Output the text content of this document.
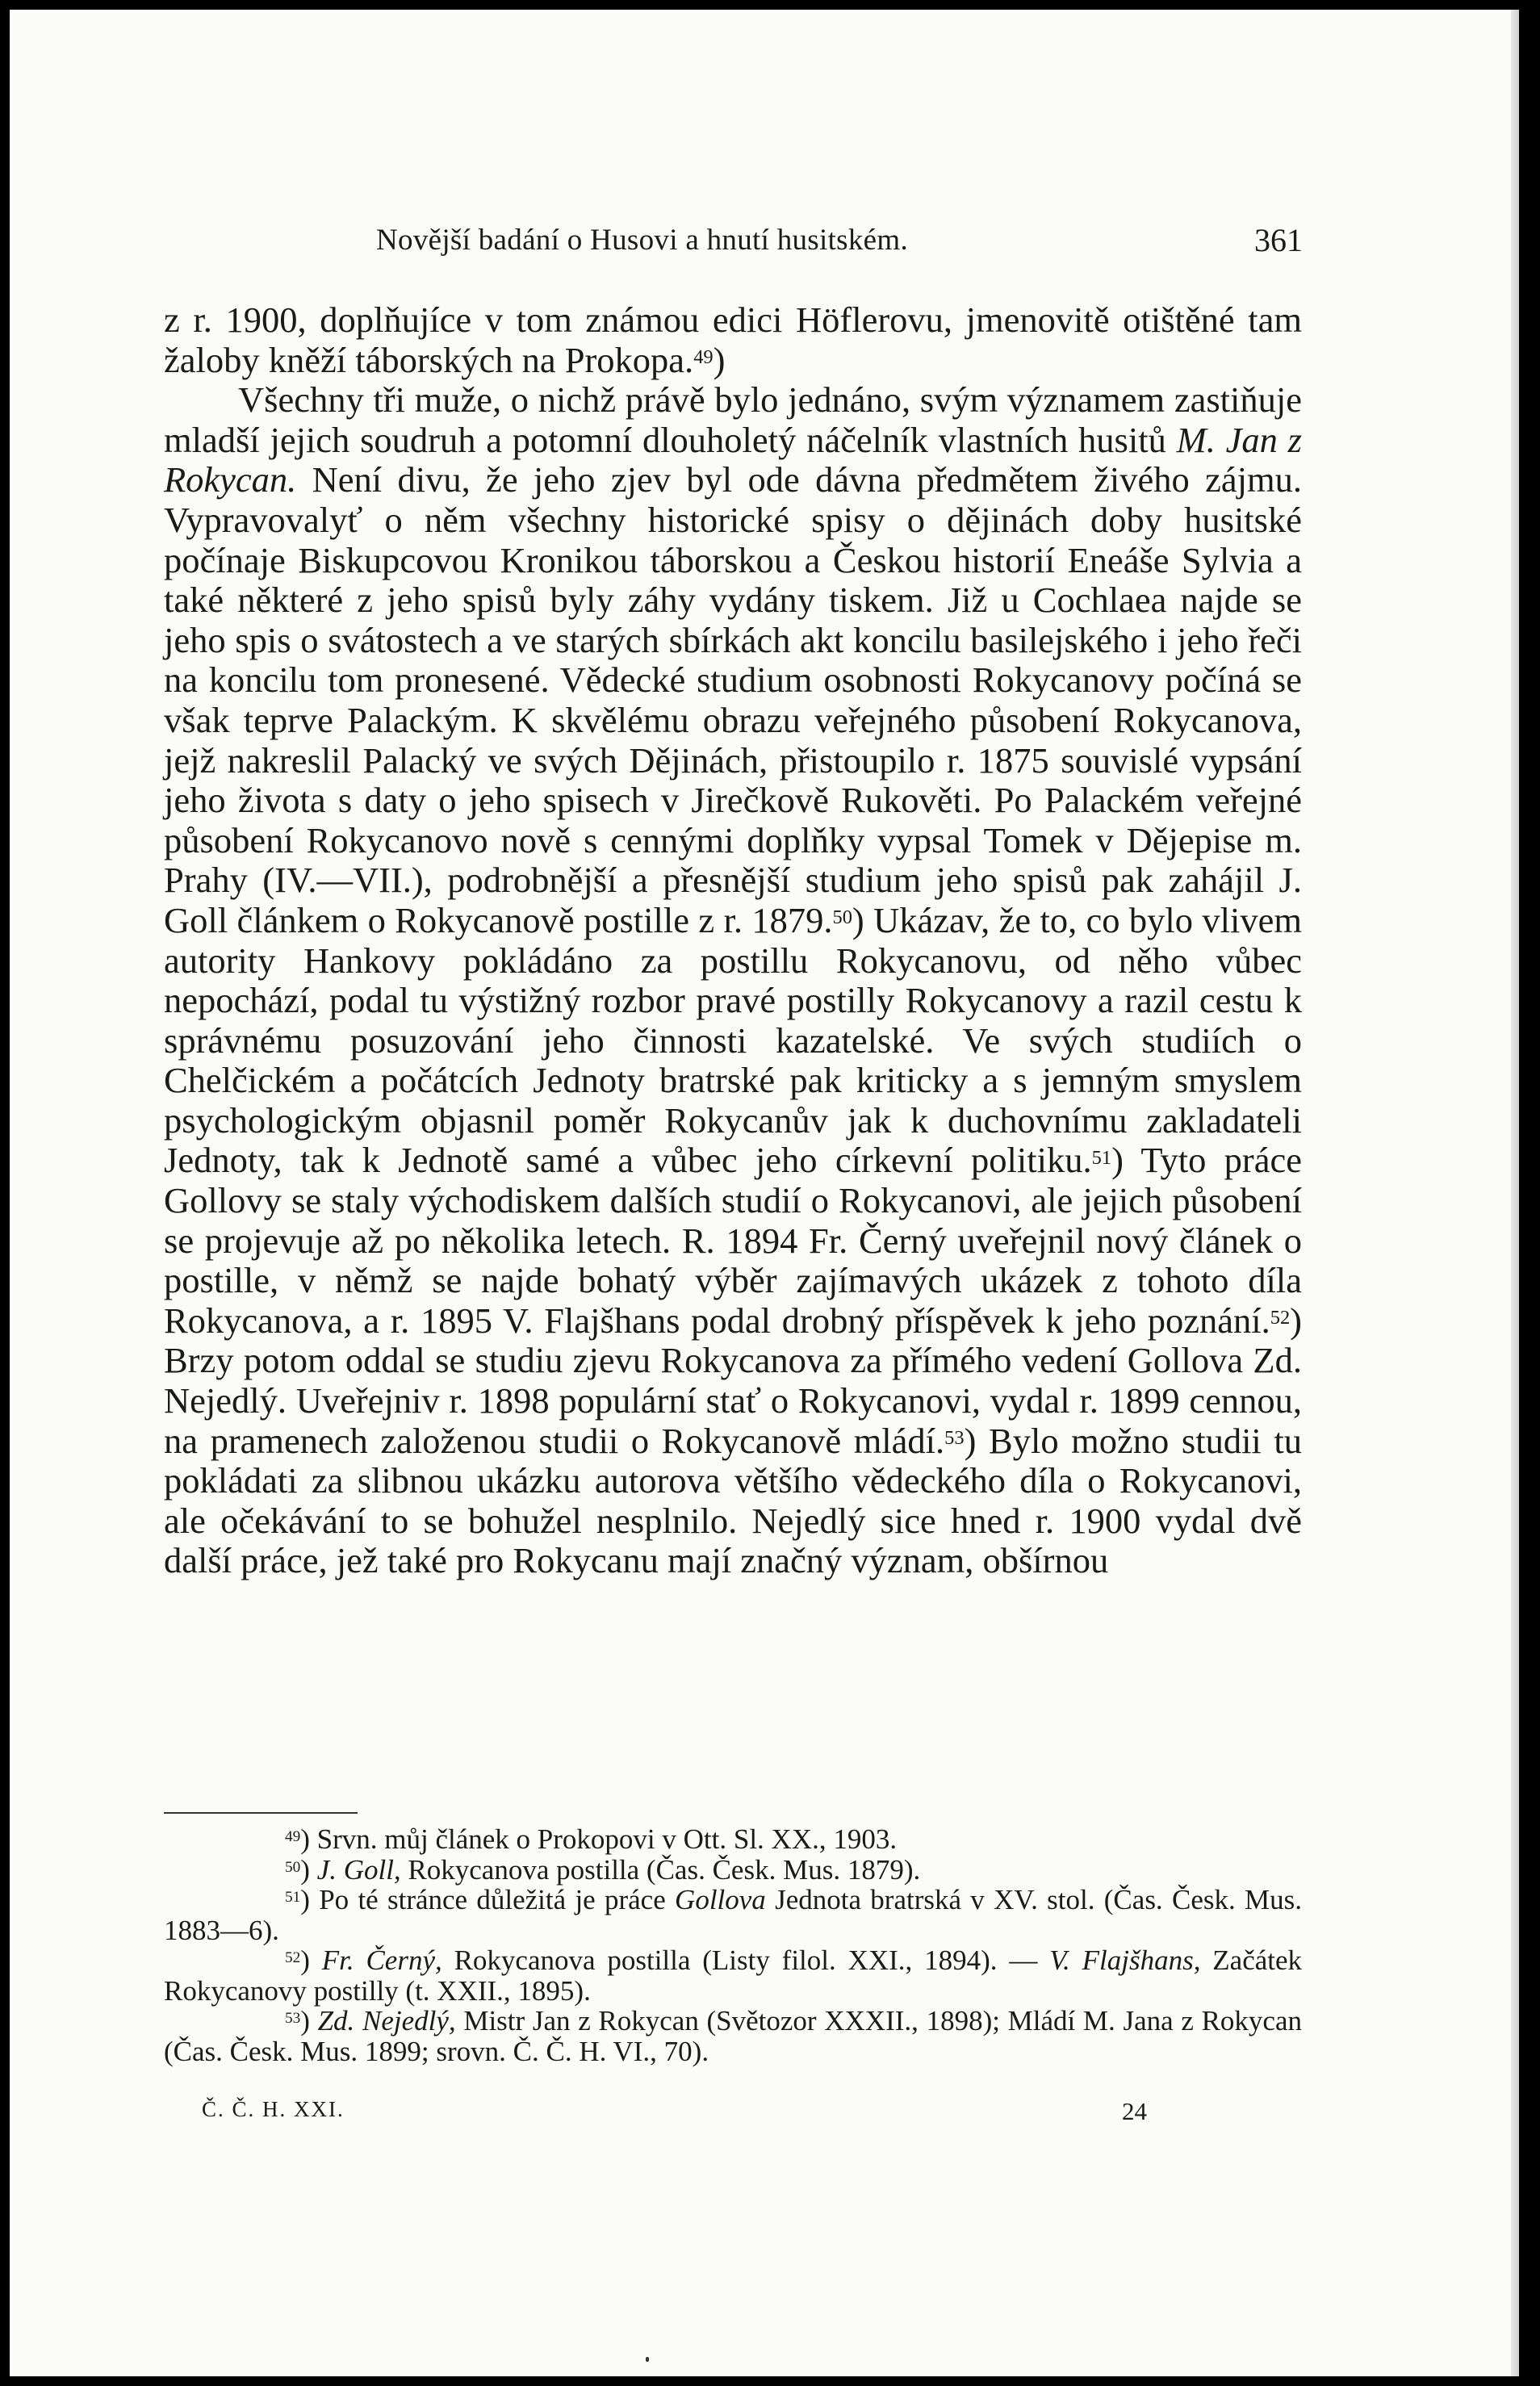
Novější badání o Husovi a hnutí husitském.	361

z r. 1900, doplňujíce v tom známou edici Höflerovu, jmenovitě otištěné tam žaloby kněží táborských na Prokopa.$^{49}$)

Všechny tři muže, o nichž právě bylo jednáno, svým významem zastiňuje mladší jejich soudruh a potomní dlouholetý náčelník vlastních husitů M. Jan z Rokycan. Není divu, že jeho zjev byl ode dávna předmětem živého zájmu. Vypravovalyť o něm všechny historické spisy o dějinách doby husitské počínaje Biskupcovou Kronikou táborskou a Českou historií Eneáše Sylvia a také některé z jeho spisů byly záhy vydány tiskem. Již u Cochlaea najde se jeho spis o svátostech a ve starých sbírkách akt koncilu basilejského i jeho řeči na koncilu tom pronesené. Vědecké studium osobnosti Rokycanovy počíná se však teprve Palackým. K skvělému obrazu veřejného působení Rokycanova, jejž nakreslil Palacký ve svých Dějinách, přistoupilo r. 1875 souvislé vypsání jeho života s daty o jeho spisech v Jirečkově Rukověti. Po Palackém veřejné působení Rokycanovo nově s cennými doplňky vypsal Tomek v Dějepise m. Prahy (IV.—VII.), podrobnější a přesnější studium jeho spisů pak zahájil J. Goll článkem o Rokycanově postille z r. 1879.50) Ukázav, že to, co bylo vlivem autority Hankovy pokládáno za postillu Rokycanovu, od něho vůbec nepochází, podal tu výstižný rozbor pravé postilly Rokycanovy a razil cestu k správnému posuzování jeho činnosti kazatelské. Ve svých studiích o Chelčickém a počátcích Jednoty bratrské pak kriticky a s jemným smyslem psychologickým objasnil poměr Rokycanův jak k duchovnímu zakladateli Jednoty, tak k Jednotě samé a vůbec jeho církevní politiku.$^{51}$) Tyto práce Gollovy se staly východiskem dalších studií o Rokycanovi, ale jejich působení se projevuje až po několika letech. R. 1894 Fr. Černý uveřejnil nový článek o postille, v němž se najde bohatý výběr zajímavých ukázek z tohoto díla Rokycanova, a r. 1895 V. Flajšhans podal drobný příspěvek k jeho poznání.$^{52}$) Brzy potom oddal se studiu zjevu Rokycanova za přímého vedení Gollova Zd. Nejedlý. Uveřejniv r. 1898 populární stať o Rokycanovi, vydal r. 1899 cennou, na pramenech založenou studii o Rokycanově mládí.$^{53}$) Bylo možno studii tu pokládati za slibnou ukázku autorova většího vědeckého díla o Rokycanovi, ale očekávání to se bohužel nesplnilo. Nejedlý sice hned r. 1900 vydal dvě další práce, jež také pro Rokycanu mají značný význam, obšírnou

$^{49}$) Srvn. můj článek o Prokopovi v Ott. Sl. XX., 1903.

$^{50}$) J. Goll, Rokycanova postilla (Čas. Česk. Mus. 1879).

$^{51}$) Po té stránce důležitá je práce Gollova Jednota bratrská v XV. stol. (Čas. Česk. Mus. 1883—6).

$^{52}$) Fr. Černý, Rokycanova postilla (Listy filol. XXI., 1894). — V. Flajšhans, Začátek Rokycanovy postilly (t. XXII., 1895).

$^{53}$) Zd. Nejedlý, Mistr Jan z Rokycan (Světozor XXXII., 1898); Mládí M. Jana z Rokycan (Čas. Česk. Mus. 1899; srovn. Č. Č. H. VI., 70).

Č. Č. H. XXI.	24
